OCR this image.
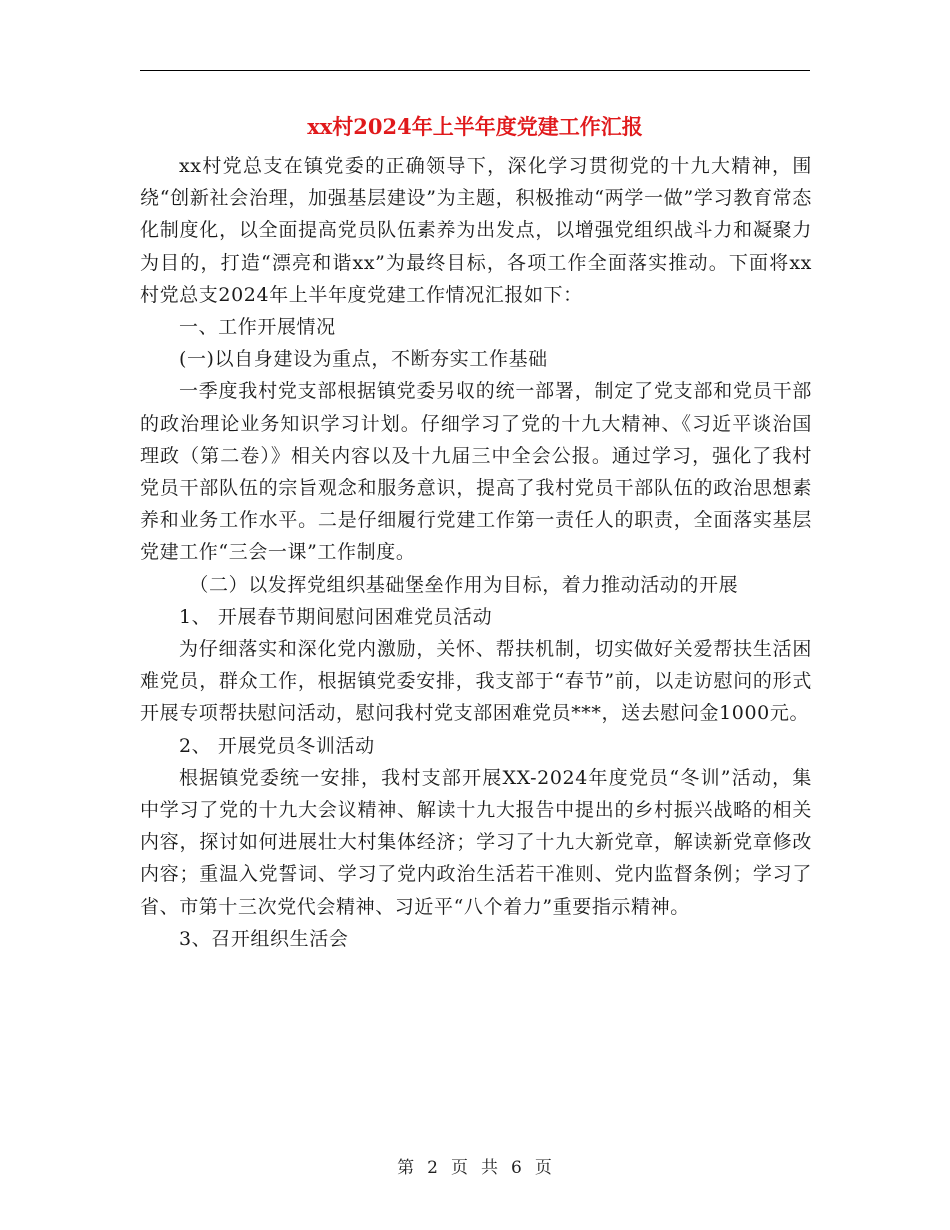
xx村2024年上半年度党建工作汇报

xx村党总支在镇党委的正确领导下，深化学习贯彻党的十九大精神，围绕“创新社会治理，加强基层建设”为主题，积极推动“两学一做”学习教育常态化制度化，以全面提高党员队伍素养为出发点，以增强党组织战斗力和凝聚力为目的，打造“漂亮和谐xx”为最终目标，各项工作全面落实推动。下面将xx村党总支2024年上半年度党建工作情况汇报如下：

一、工作开展情况

(一)以自身建设为重点，不断夯实工作基础

一季度我村党支部根据镇党委另収的统一部署，制定了党支部和党员干部的政治理论业务知识学习计划。仔细学习了党的十九大精神、《习近平谈治国理政（第二卷）》相关内容以及十九届三中全会公报。通过学习，强化了我村党员干部队伍的宗旨观念和服务意识，提高了我村党员干部队伍的政治思想素养和业务工作水平。二是仔细履行党建工作第一责任人的职责，全面落实基层党建工作“三会一课”工作制度。

（二）以发挥党组织基础堡垒作用为目标，着力推动活动的开展

1、 开展春节期间慰问困难党员活动

为仔细落实和深化党内激励，关怀、帮扶机制，切实做好关爱帮扶生活困难党员，群众工作，根据镇党委安排，我支部于“春节”前，以走访慰问的形式开展专项帮扶慰问活动，慰问我村党支部困难党员***，送去慰问金1000元。

2、 开展党员冬训活动

根据镇党委统一安排，我村支部开展XX-2024年度党员“冬训”活动，集中学习了党的十九大会议精神、解读十九大报告中提出的乡村振兴战略的相关内容，探讨如何进展壮大村集体经济；学习了十九大新党章，解读新党章修改内容；重温入党誓词、学习了党内政治生活若干准则、党内监督条例；学习了省、市第十三次党代会精神、习近平“八个着力”重要指示精神。

3、召开组织生活会

第 2 页 共 6 页
